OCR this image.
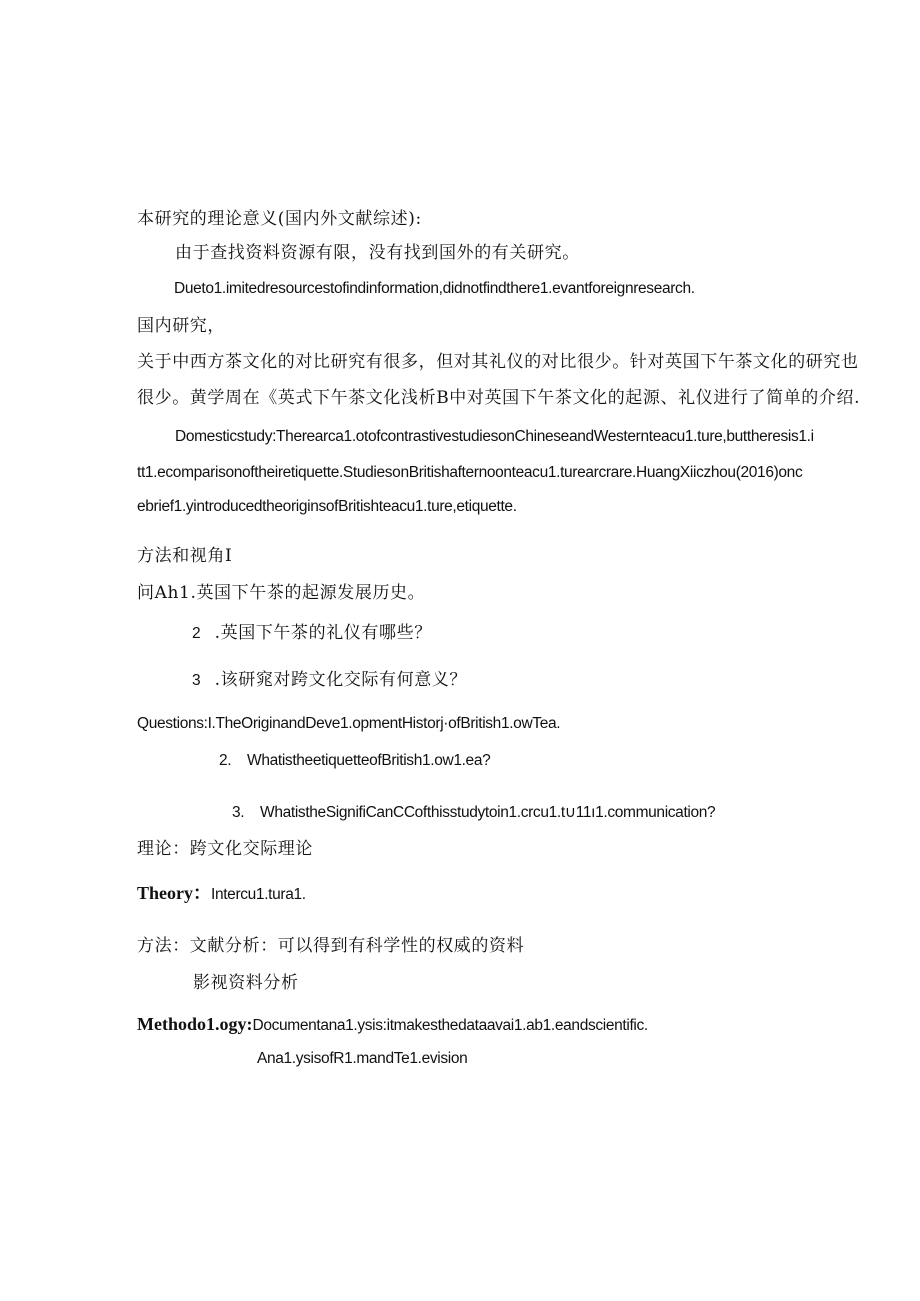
本研究的理论意义(国内外文献综述):
由于查找资料资源有限，没有找到国外的有关研究。
Dueto1.imitedresourcestofindinformation,didnotfindthere1.evantforeignresearch.
国内研究，
关于中西方茶文化的对比研究有很多，但对其礼仪的对比很少。针对英国下午茶文化的研究也
很少。黄学周在《英式下午茶文化浅析B中对英国下午茶文化的起源、礼仪进行了简单的介绍.
Domesticstudy:Therearca1.otofcontrastivestudiesonChineseandWesternteacu1.ture,buttheresis1.i
tt1.ecomparisonoftheiretiquette.StudiesonBritishafternoonteacu1.turearcrare.HuangXiiczhou(2016)onc
ebrief1.yintroducedtheoriginsofBritishteacu1.ture,etiquette.
方法和视角I
问Ah1.英国下午茶的起源发展历史。
2 .英国下午茶的礼仪有哪些？
3 .该研窕对跨文化交际有何意义？
Questions:I.TheOriginandDeve1.opmentHistorj·ofBritish1.owTea.
2.    WhatistheetiquetteofBritish1.ow1.ea?
3.    WhatistheSignifiCanCCofthisstudytoin1.crcu1.t∪11ı1.communication?
理论：跨文化交际理论
Theory：Intercu1.tura1.
方法：文献分析：可以得到有科学性的权威的资料
影视资料分析
Methodo1.ogy:Documentana1.ysis:itmakesthedataavai1.ab1.eandscientific.
Ana1.ysisofR1.mandTe1.evision
